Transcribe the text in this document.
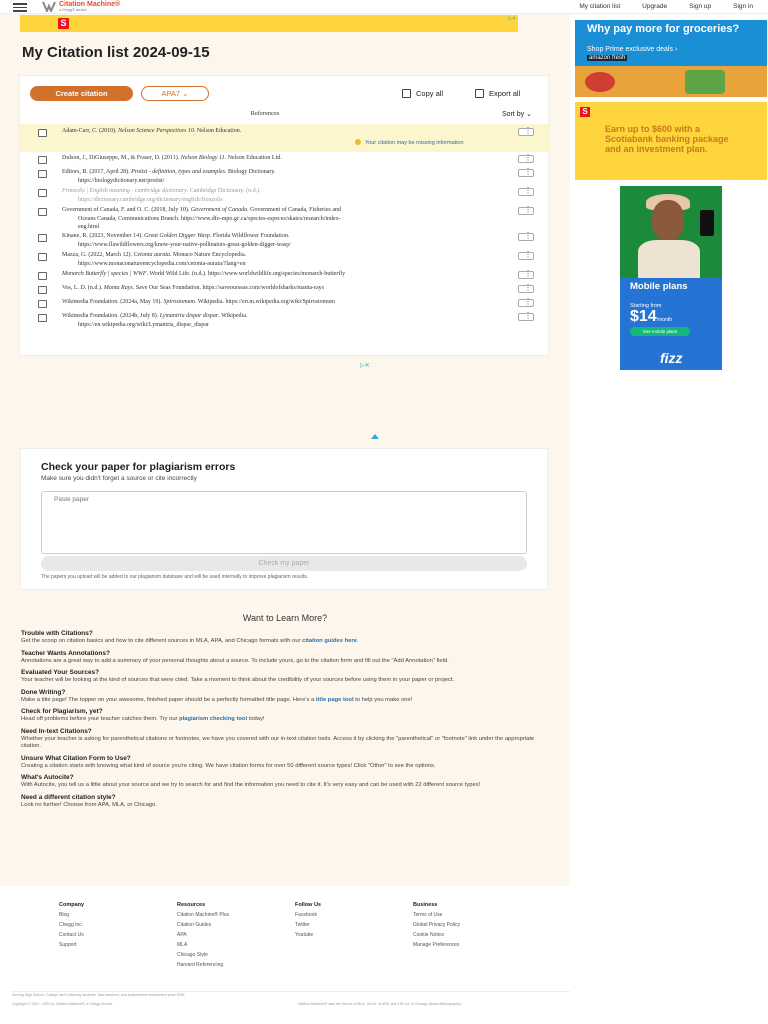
Citation Machine®
a Chegg® service	My citation list	Upgrade	Sign up	Sign in
S	▷✕
My Citation list 2024-09-15
Create citation	APA7 ⌄	Copy all	Export all
References	Sort by ⌄
Adam-Carr, C. (2010). Nelson Science Perspectives 10. Nelson Education.
⋮
Your citation may be missing information
Dulson, J., DiGiuseppe, M., & Fraser, D. (2011). Nelson Biology 11. Nelson Education Ltd.
⋮
Editors, B. (2017, April 28). Protist - definition, types and examples. Biology Dictionary.
https://biologydictionary.net/protist/
⋮
Fronzolis | English meaning - cambridge dictionary. Cambridge Dictionary. (n.d.).
https://dictionary.cambridge.org/dictionary/english/fronzolis
⋮
Government of Canada, F. and O. C. (2018, July 10). Government of Canada. Government of Canada, Fisheries and
Oceans Canada, Communications Branch. https://www.dfo-mpo.gc.ca/species-especes/skates/research/index-
eng.html
⋮
Kinane, R. (2023, November 14). Great Golden Digger Wasp. Florida Wildflower Foundation.
https://www.flawildflowers.org/know-your-native-pollinators-great-golden-digger-wasp/
⋮
Mazza, G. (2022, March 12). Cetonia aurata. Monaco Nature Encyclopedia.
https://www.monaconatureencyclopedia.com/cetonia-aurata/?lang=en
⋮
Monarch Butterfly | species | WWF. World Wild Life. (n.d.). https://www.worldwildlife.org/species/monarch-butterfly
⋮
Vos, L. D. (n.d.). Manta Rays. Save Our Seas Foundation. https://saveourseas.com/worldofsharks/manta-rays
⋮
Wikimedia Foundation. (2024a, May 19). Spirostomum. Wikipedia. https://en.m.wikipedia.org/wiki/Spirostomum
⋮
Wikimedia Foundation. (2024b, July 8). Lymantria dispar dispar. Wikipedia.
https://en.wikipedia.org/wiki/Lymantria_dispar_dispar
⋮
▷✕
Check your paper for plagiarism errors
Make sure you didn't forget a source or cite incorrectly
Paste paper
Check my paper
The papers you upload will be added to our plagiarism database and will be used internally to improve plagiarism results.
Want to Learn More?
Trouble with Citations?

Get the scoop on citation basics and how to cite different sources in MLA, APA, and Chicago formats with our citation guides here.

Teacher Wants Annotations?

Annotations are a great way to add a summary of your personal thoughts about a source. To include yours, go to the citation form and fill out the "Add Annotation" field.

Evaluated Your Sources?

Your teacher will be looking at the kind of sources that were cited. Take a moment to think about the credibility of your sources before using them in your paper or project.

Done Writing?

Make a title page! The topper on your awesome, finished paper should be a perfectly formatted title page. Here's a title page tool to help you make one!

Check for Plagiarism, yet?

Head off problems before your teacher catches them. Try our plagiarism checking tool today!

Need In-text Citations?

Whether your teacher is asking for parenthetical citations or footnotes, we have you covered with our in-text citation tools. Access it by clicking the "parenthetical" or "footnote" link under the appropriate citation.

Unsure What Citation Form to Use?

Creating a citation starts with knowing what kind of source you're citing. We have citation forms for over 50 different source types! Click "Other" to see the options.

What's Autocite?

With Autocite, you tell us a little about your source and we try to search for and find the information you need to cite it. It's very easy and can be used with 22 different source types!

Need a different citation style?

Look no further! Choose from APA, MLA, or Chicago.

Why pay more for groceries?
Shop Prime exclusive deals ›
amazon fresh
S
Earn up to $600 with a Scotiabank banking package and an investment plan.
Mobile plans
Starting from
$14/month
See mobile plans
fizz
Serving High School, College, and University students, their teachers, and independent researchers since 2000.
Copyright © 2001 - 2024 by Citation Machine®, a Chegg Service.	Citation Machine® uses the 9th ed. of MLA, 7th ed. of APA, and 17th ed. of Chicago (Notes-Bibliography).
Company
Blog
Chegg Inc.
Contact Us
Support
Resources
Citation Machine® Plus
Citation Guides
APA
MLA
Chicago Style
Harvard Referencing
Follow Us
Facebook
Twitter
Youtube
Business
Terms of Use
Global Privacy Policy
Cookie Notice
Manage Preferences
